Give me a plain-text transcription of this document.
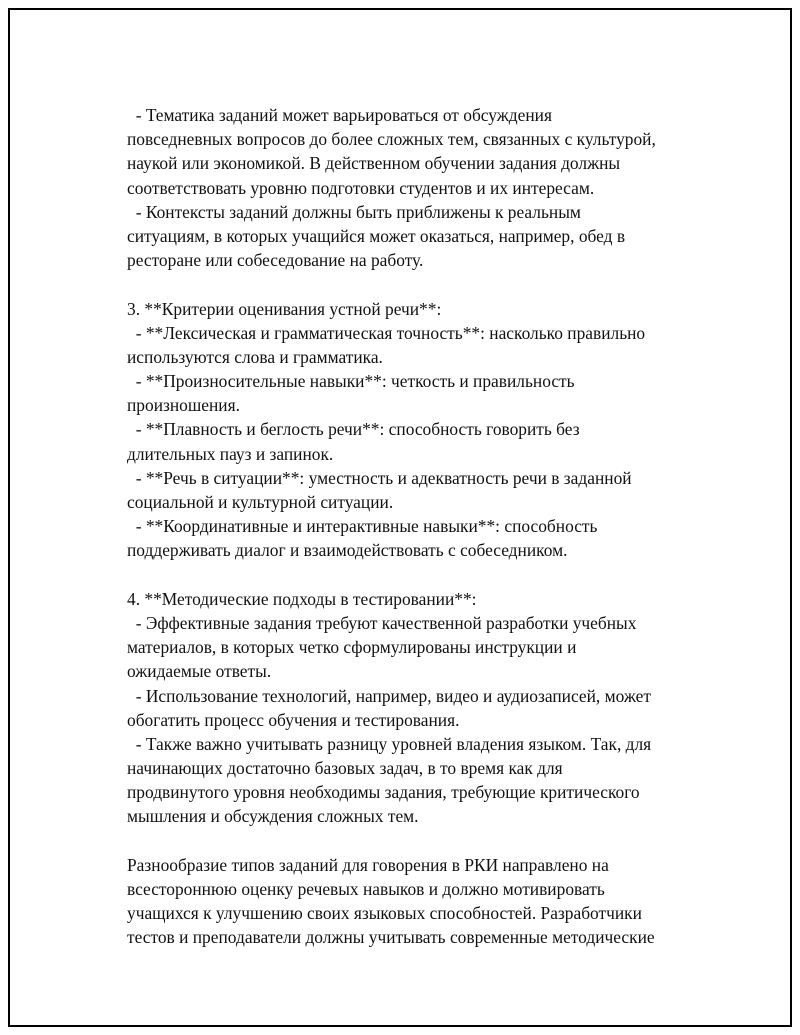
- Тематика заданий может варьироваться от обсуждения
повседневных вопросов до более сложных тем, связанных с культурой,
наукой или экономикой. В действенном обучении задания должны
соответствовать уровню подготовки студентов и их интересам.
- Контексты заданий должны быть приближены к реальным
ситуациям, в которых учащийся может оказаться, например, обед в
ресторане или собеседование на работу.
3. **Критерии оценивания устной речи**:
- **Лексическая и грамматическая точность**: насколько правильно
используются слова и грамматика.
- **Произносительные навыки**: четкость и правильность
произношения.
- **Плавность и беглость речи**: способность говорить без
длительных пауз и запинок.
- **Речь в ситуации**: уместность и адекватность речи в заданной
социальной и культурной ситуации.
- **Координативные и интерактивные навыки**: способность
поддерживать диалог и взаимодействовать с собеседником.
4. **Методические подходы в тестировании**:
- Эффективные задания требуют качественной разработки учебных
материалов, в которых четко сформулированы инструкции и
ожидаемые ответы.
- Использование технологий, например, видео и аудиозаписей, может
обогатить процесс обучения и тестирования.
- Также важно учитывать разницу уровней владения языком. Так, для
начинающих достаточно базовых задач, в то время как для
продвинутого уровня необходимы задания, требующие критического
мышления и обсуждения сложных тем.
Разнообразие типов заданий для говорения в РКИ направлено на
всестороннюю оценку речевых навыков и должно мотивировать
учащихся к улучшению своих языковых способностей. Разработчики
тестов и преподаватели должны учитывать современные методические
